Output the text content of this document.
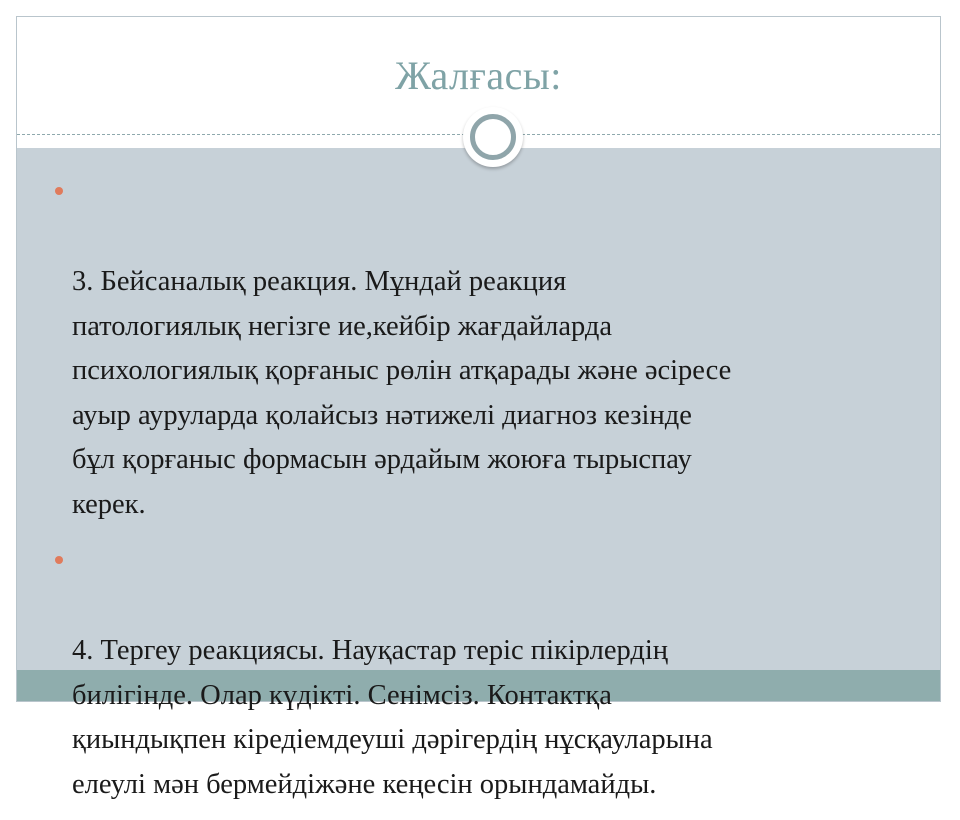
Жалғасы:

3. Бейсаналық реакция. Мұндай реакция
патологиялық негізге ие,кейбір жағдайларда
психологиялық қорғаныс рөлін атқарады және әсіресе
ауыр ауруларда қолайсыз нәтижелі диагноз кезінде
бұл қорғаныс формасын әрдайым жоюға тырыспау
керек.

4. Тергеу реакциясы. Науқастар теріс пікірлердің
билігінде. Олар күдікті. Сенімсіз. Контактқа
қиындықпен кіредіемдеуші дәрігердің нұсқауларына
елеулі мән бермейдіжәне кеңесін орындамайды.
